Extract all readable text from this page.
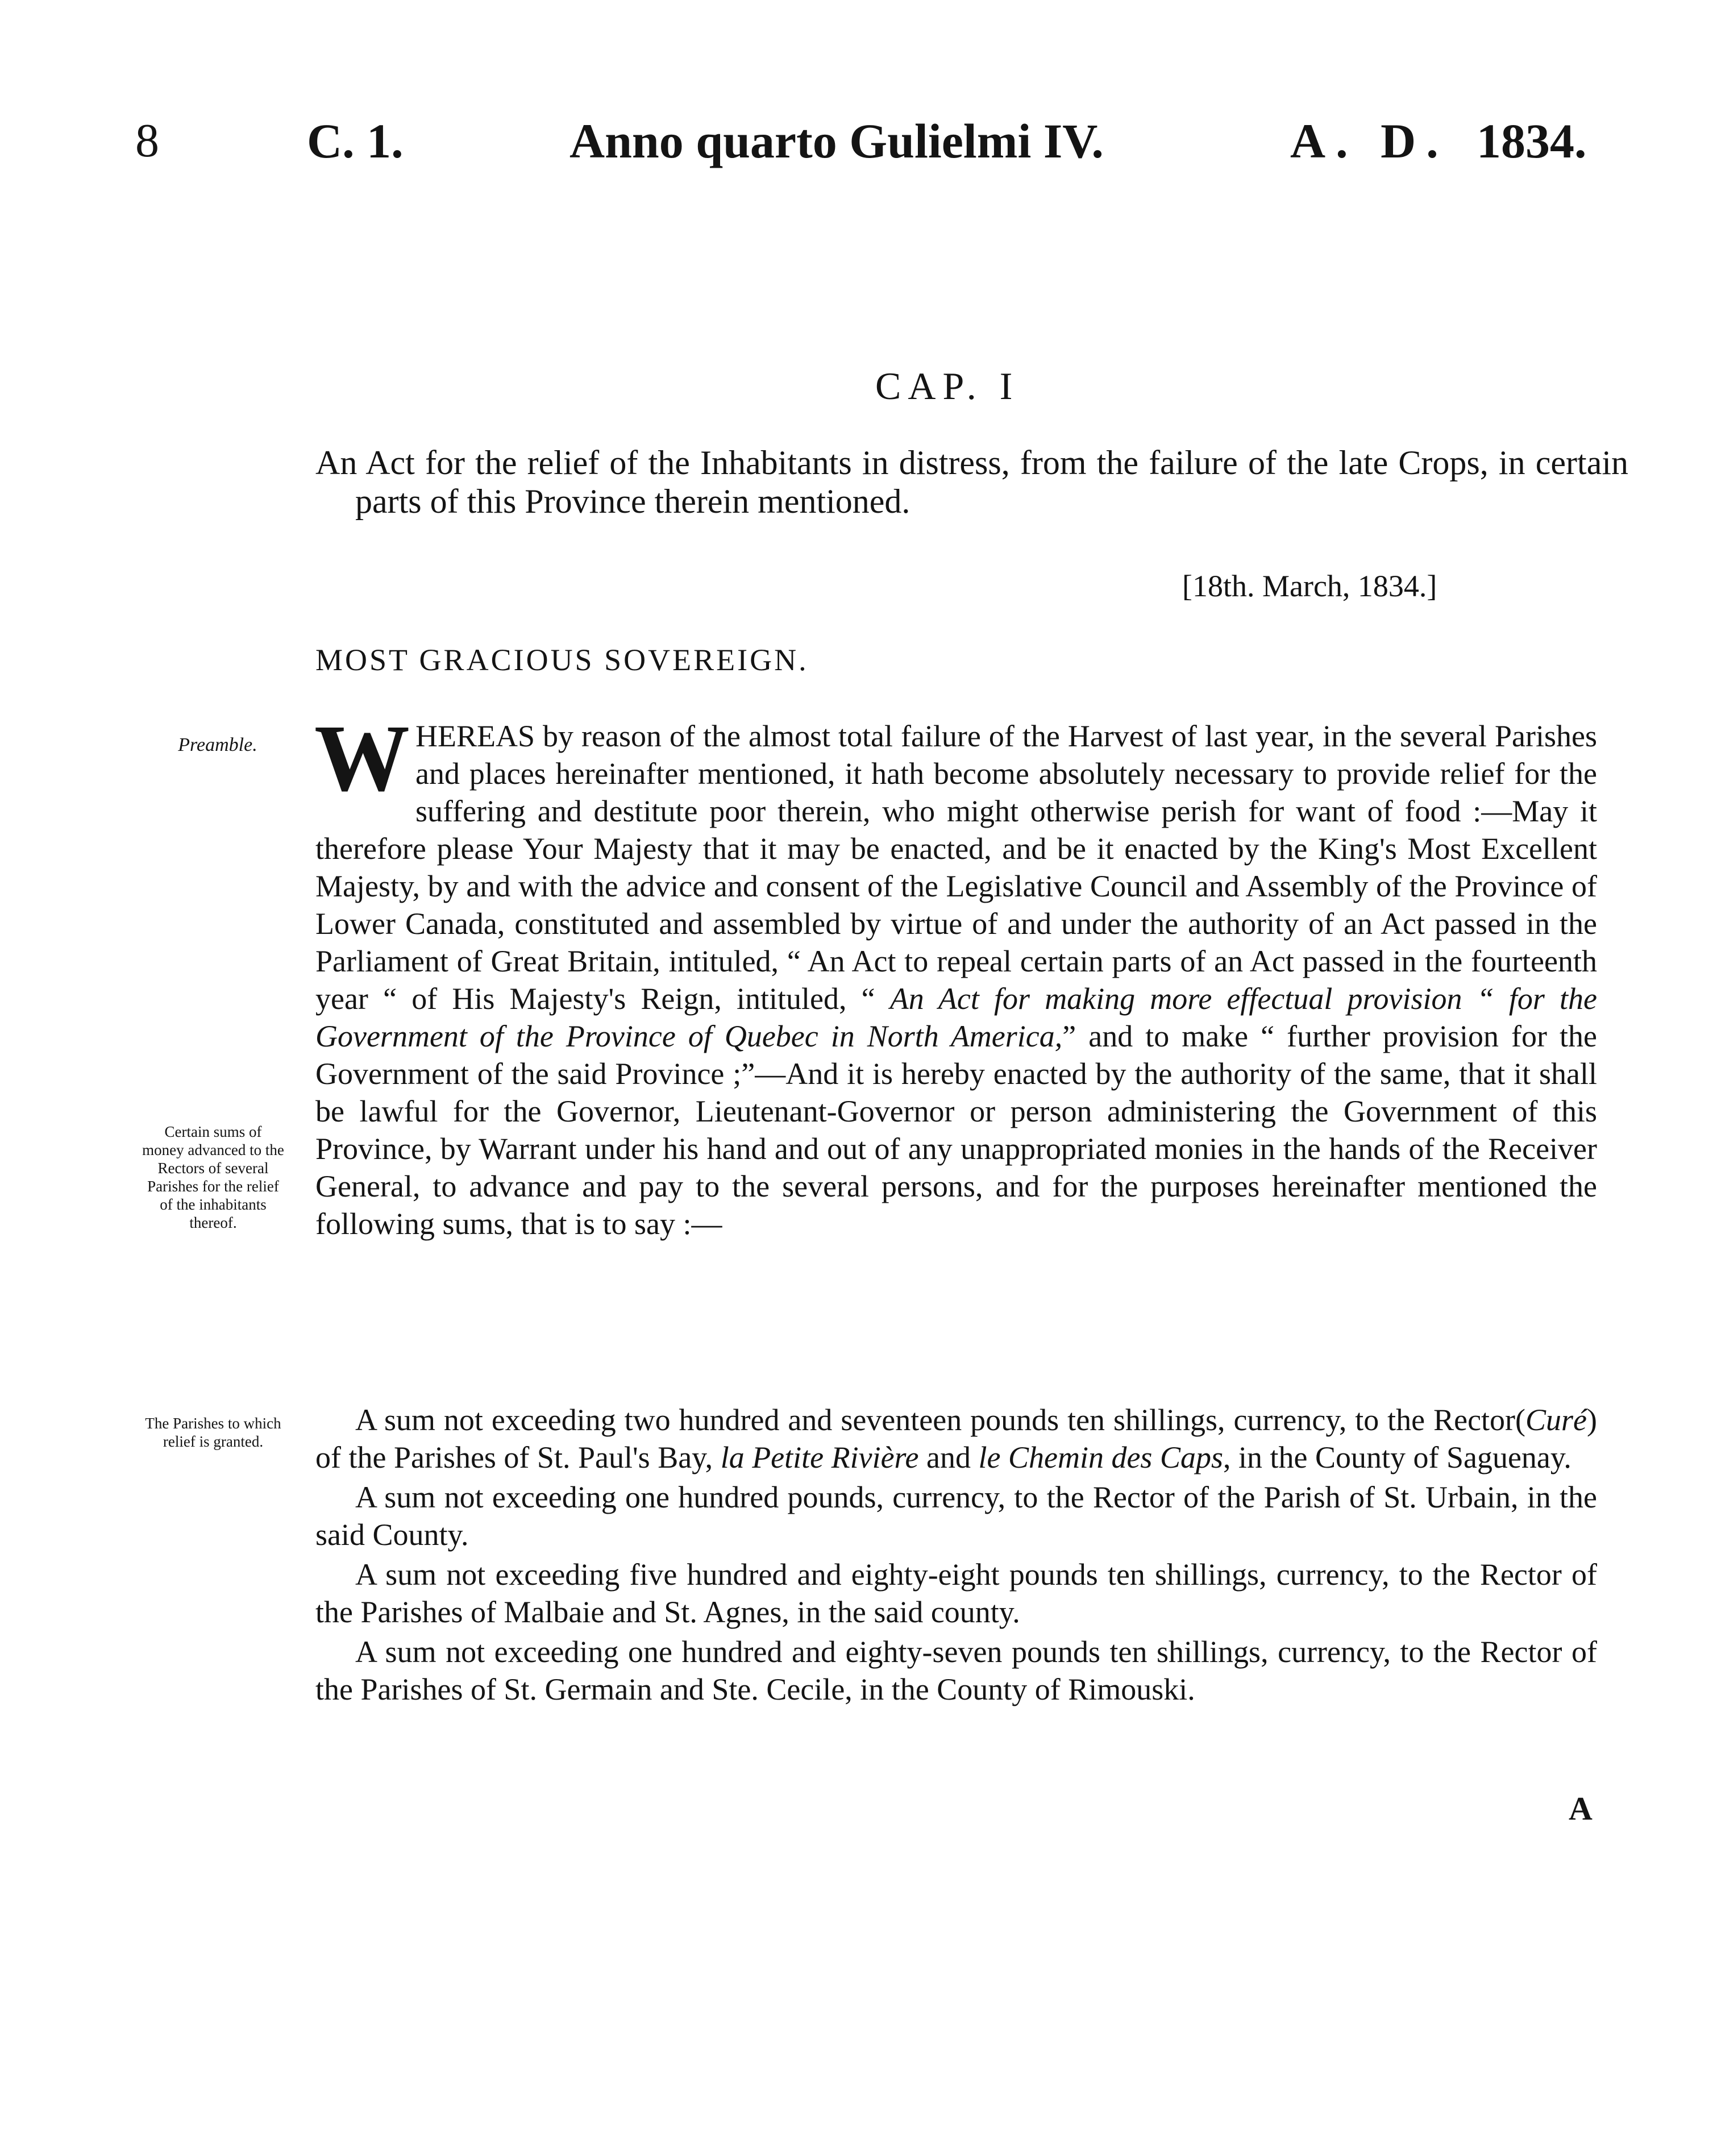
8	C. 1.	Anno quarto Gulielmi IV.	A. D. 1834.
CAP. I
An Act for the relief of the Inhabitants in distress, from the failure of the late Crops, in certain parts of this Province therein mentioned.
[18th. March, 1834.]
MOST GRACIOUS SOVEREIGN.
Preamble.
Certain sums of money advanced to the Rectors of several Parishes for the relief of the inhabitants thereof.
The Parishes to which relief is granted.
WHEREAS by reason of the almost total failure of the Harvest of last year, in the several Parishes and places hereinafter mentioned, it hath become absolutely necessary to provide relief for the suffering and destitute poor therein, who might otherwise perish for want of food :—May it therefore please Your Majesty that it may be enacted, and be it enacted by the King's Most Excellent Majesty, by and with the advice and consent of the Legislative Council and Assembly of the Province of Lower Canada, constituted and assembled by virtue of and under the authority of an Act passed in the Parliament of Great Britain, intituled, “ An Act to repeal certain parts of an Act passed in the fourteenth year “ of His Majesty's Reign, intituled, “ An Act for making more effectual provision “ for the Government of the Province of Quebec in North America,” and to make “ further provision for the Government of the said Province ;”—And it is hereby enacted by the authority of the same, that it shall be lawful for the Governor, Lieutenant-Governor or person administering the Government of this Province, by Warrant under his hand and out of any unappropriated monies in the hands of the Receiver General, to advance and pay to the several persons, and for the purposes hereinafter mentioned the following sums, that is to say :—

A sum not exceeding two hundred and seventeen pounds ten shillings, currency, to the Rector(Curé) of the Parishes of St. Paul's Bay, la Petite Rivière and le Chemin des Caps, in the County of Saguenay.

A sum not exceeding one hundred pounds, currency, to the Rector of the Parish of St. Urbain, in the said County.

A sum not exceeding five hundred and eighty-eight pounds ten shillings, currency, to the Rector of the Parishes of Malbaie and St. Agnes, in the said county.

A sum not exceeding one hundred and eighty-seven pounds ten shillings, currency, to the Rector of the Parishes of St. Germain and Ste. Cecile, in the County of Rimouski.

A
